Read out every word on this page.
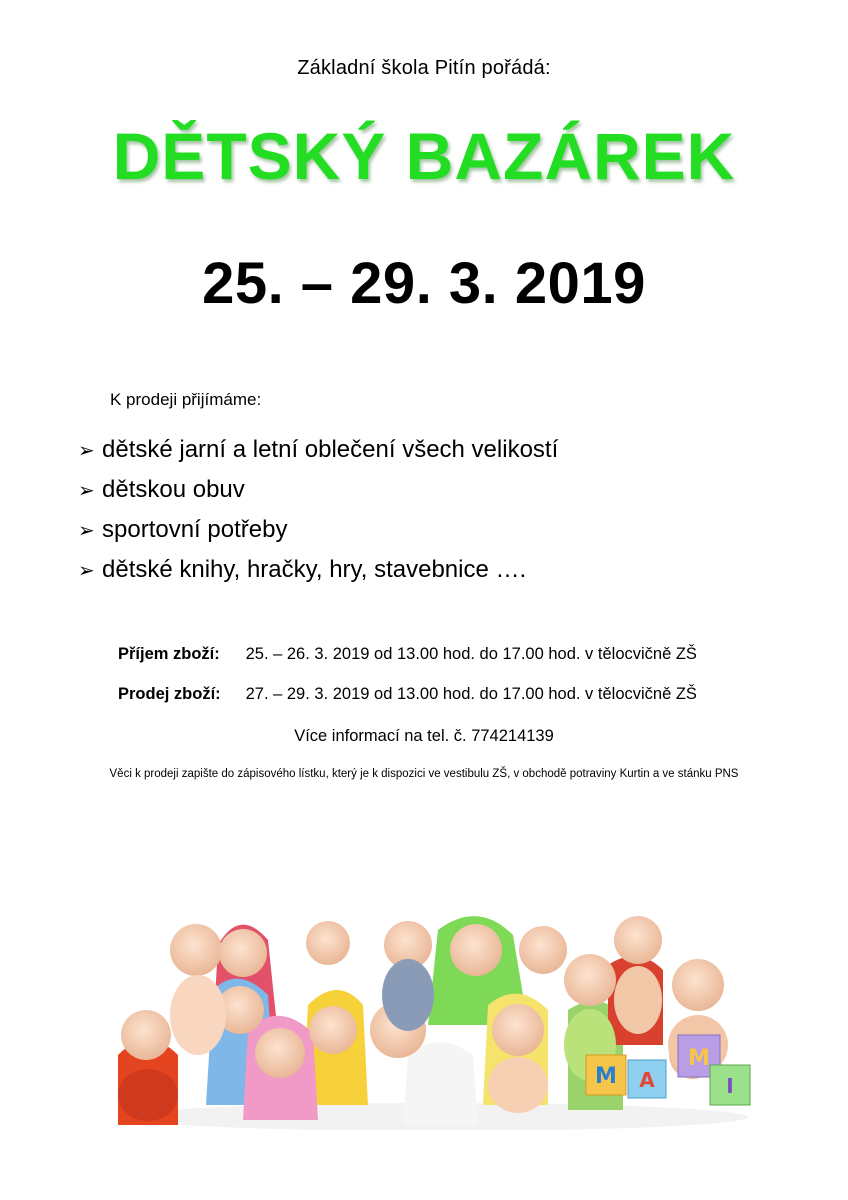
Základní škola Pitín pořádá:
DĚTSKÝ BAZÁREK
25. – 29. 3. 2019
K prodeji přijímáme:
➢ dětské jarní a letní oblečení všech velikostí
➢ dětskou obuv
➢ sportovní potřeby
➢ dětské knihy, hračky, hry, stavebnice ….
Příjem zboží: 25. – 26. 3. 2019 od 13.00 hod. do 17.00 hod. v tělocvičně ZŠ
Prodej zboží: 27. – 29. 3. 2019 od 13.00 hod. do 17.00 hod. v tělocvičně ZŠ
Více informací na tel. č. 774214139
Věci k prodeji zapište do zápisového lístku, který je k dispozici ve vestibulu ZŠ, v obchodě potraviny Kurtin a ve stánku PNS
M A
M
I
